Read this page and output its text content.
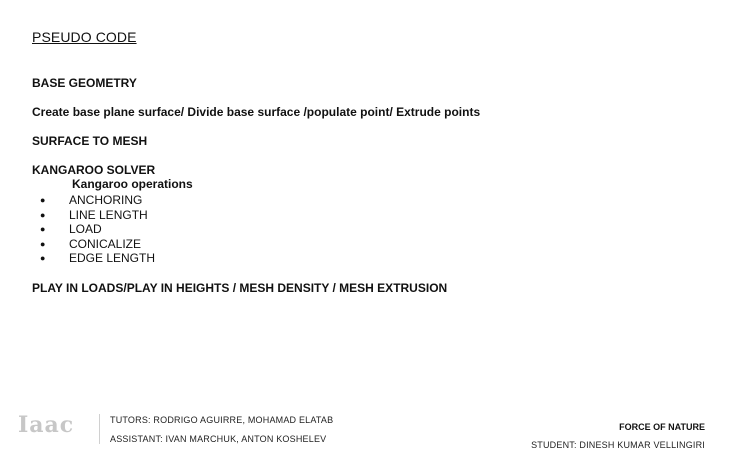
PSEUDO CODE
BASE GEOMETRY
Create base plane surface/ Divide base surface /populate point/ Extrude points
SURFACE TO MESH
KANGAROO SOLVER
Kangaroo operations
● ANCHORING
● LINE LENGTH
● LOAD
● CONICALIZE
● EDGE LENGTH
PLAY IN LOADS/PLAY IN HEIGHTS / MESH DENSITY / MESH EXTRUSION
Iaac	TUTORS: RODRIGO AGUIRRE, MOHAMAD ELATAB
ASSISTANT: IVAN MARCHUK, ANTON KOSHELEV
FORCE OF NATURE
STUDENT: DINESH KUMAR VELLINGIRI
